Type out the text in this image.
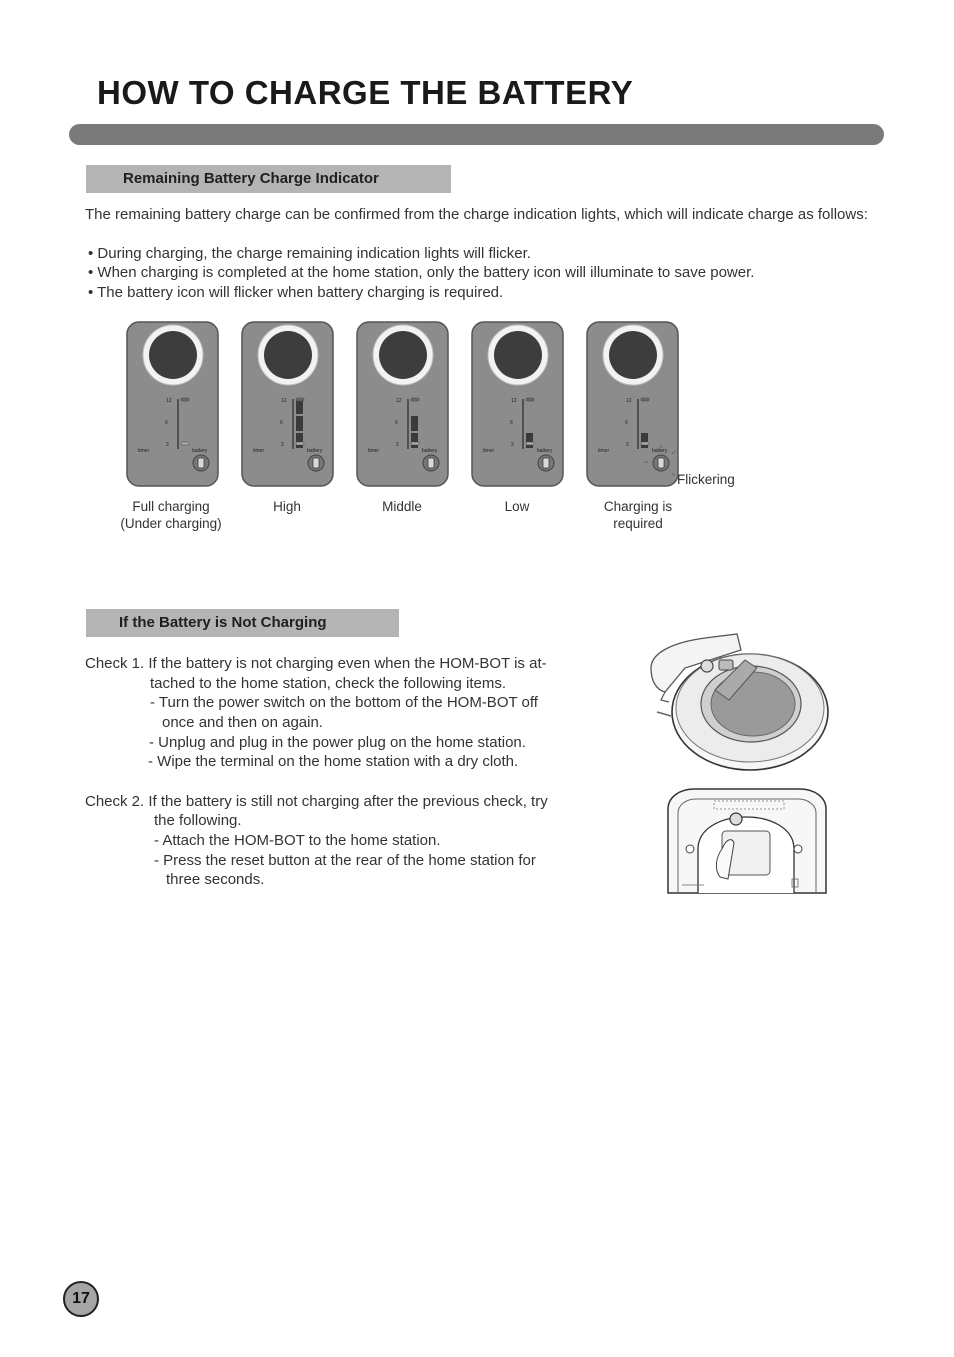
HOW TO CHARGE THE BATTERY
Remaining Battery Charge Indicator
The remaining battery charge can be confirmed from the charge indication lights, which will indicate charge as follows:
• During charging, the charge remaining indication lights will flicker.
• When charging is completed at the home station, only the battery icon will illuminate to save power.
• The battery icon will flicker when battery charging is required.
12
6
2
timer	battery
12
6
2
timer	battery
12
6
2
timer	battery
12
6
2
timer	battery
12
6
2
timer	battery
Flickering
If the Battery is Not Charging
Check 1. If the battery is not charging even when the HOM-BOT is at-
tached to the home station, check the following items.
- Turn the power switch on the bottom of the HOM-BOT off
once and then on again.
- Unplug and plug in the power plug on the home station.
- Wipe the terminal on the home station with a dry cloth.
Check 2. If the battery is still not charging after the previous check, try
the following.
- Attach the HOM-BOT to the home station.
- Press the reset button at the rear of the home station for
three seconds.
17
Full charging
(Under charging)
High	Middle	Low	Charging is
required
